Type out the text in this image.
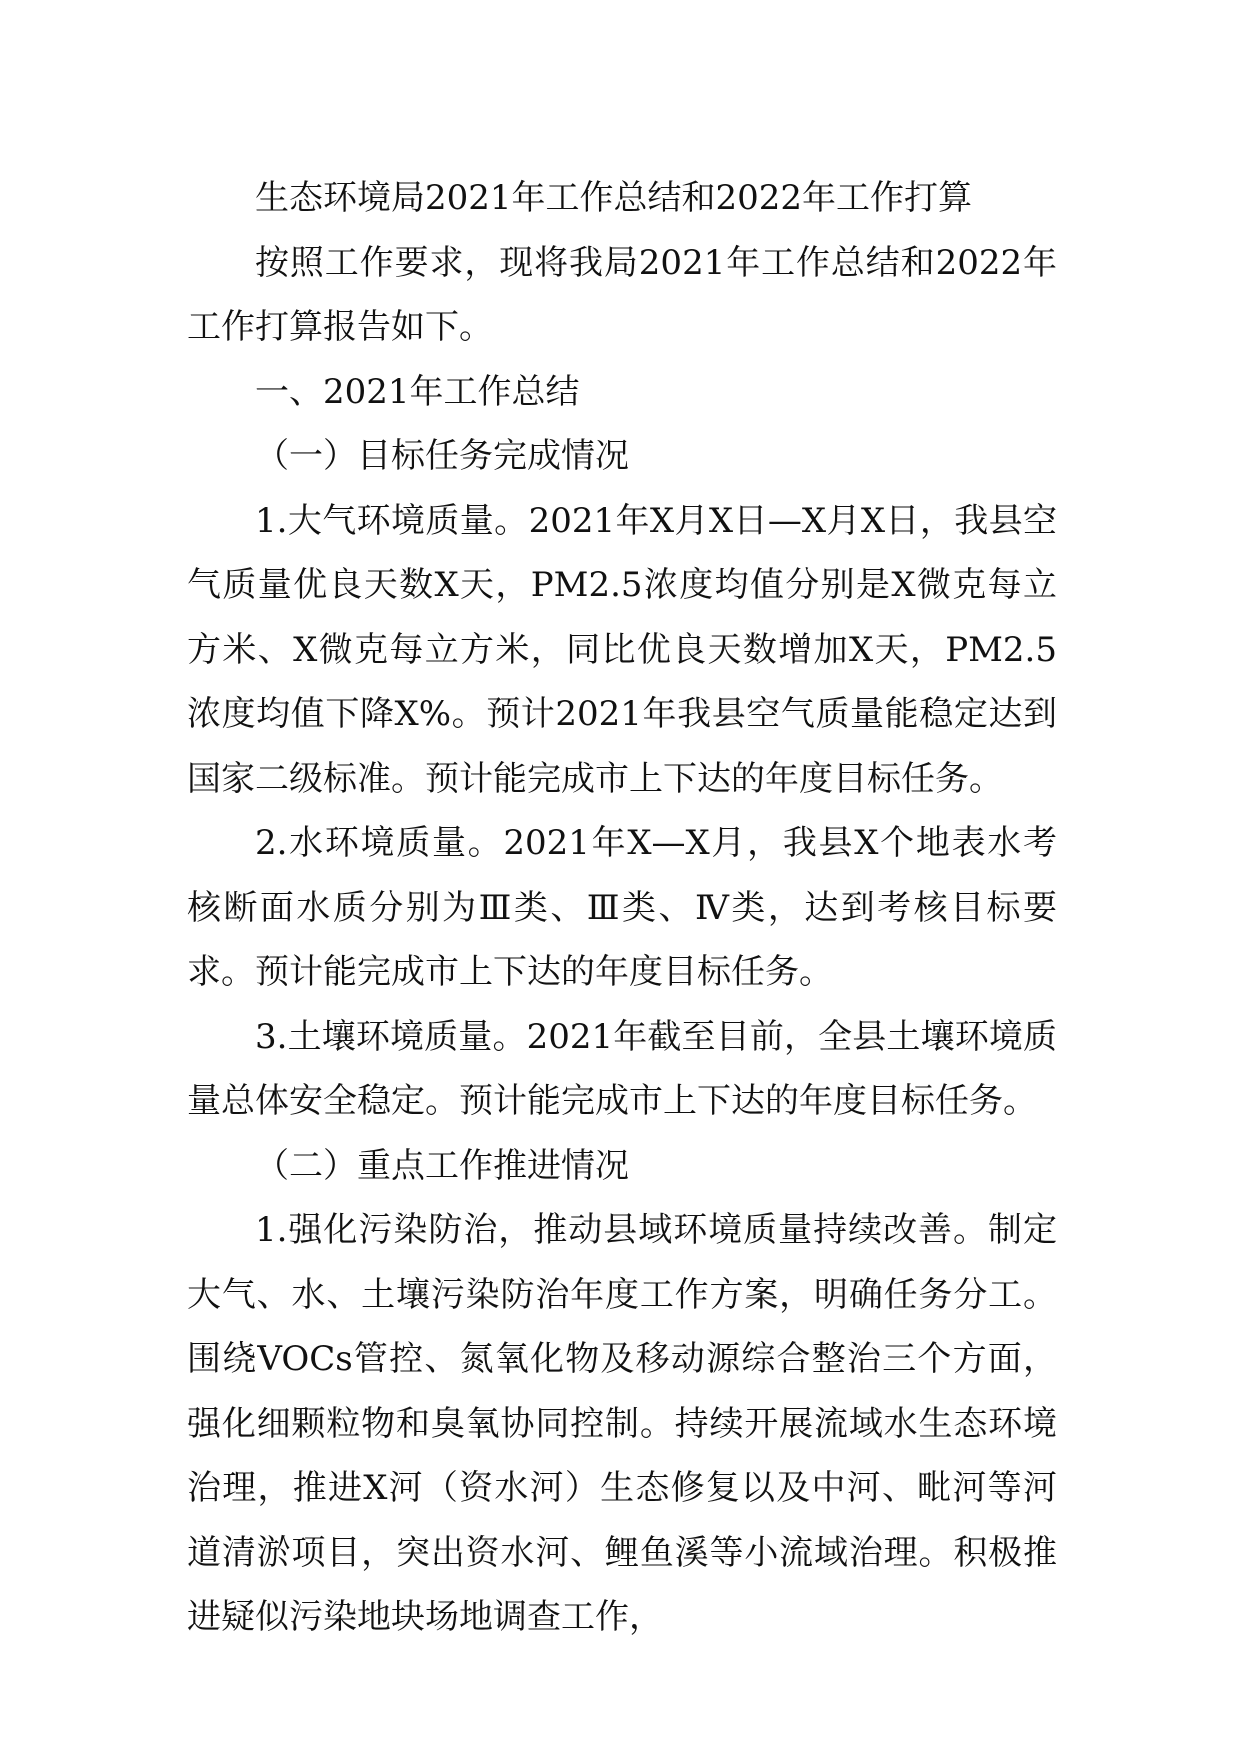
生态环境局2021年工作总结和2022年工作打算

按照工作要求，现将我局2021年工作总结和2022年工作打算报告如下。

一、2021年工作总结

（一）目标任务完成情况

1.大气环境质量。2021年X月X日—X月X日，我县空气质量优良天数X天，PM2.5浓度均值分别是X微克每立方米、X微克每立方米，同比优良天数增加X天，PM2.5浓度均值下降X%。预计2021年我县空气质量能稳定达到国家二级标准。预计能完成市上下达的年度目标任务。

2.水环境质量。2021年X—X月，我县X个地表水考核断面水质分别为Ⅲ类、Ⅲ类、Ⅳ类，达到考核目标要求。预计能完成市上下达的年度目标任务。

3.土壤环境质量。2021年截至目前，全县土壤环境质量总体安全稳定。预计能完成市上下达的年度目标任务。

（二）重点工作推进情况

1.强化污染防治，推动县域环境质量持续改善。制定大气、水、土壤污染防治年度工作方案，明确任务分工。围绕VOCs管控、氮氧化物及移动源综合整治三个方面，强化细颗粒物和臭氧协同控制。持续开展流域水生态环境治理，推进X河（资水河）生态修复以及中河、毗河等河道清淤项目，突出资水河、鲤鱼溪等小流域治理。积极推进疑似污染地块场地调查工作，
